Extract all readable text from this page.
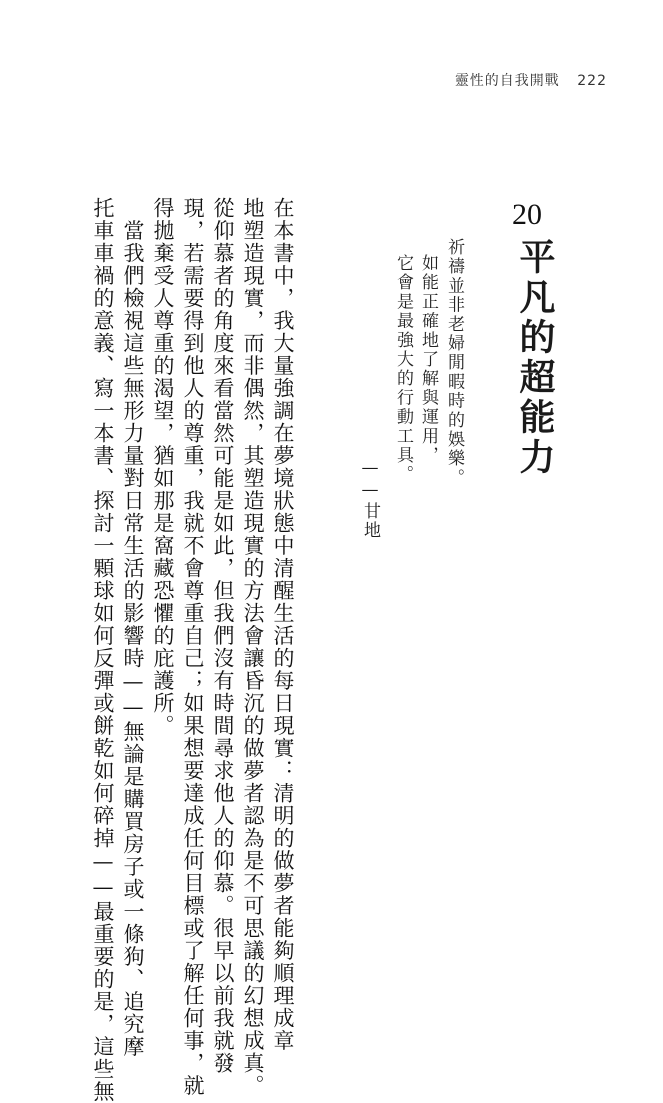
靈性的自我開戰 222
20
平凡的超能力
祈禱並非老婦閒暇時的娛樂。
如能正確地了解與運用，
它會是最強大的行動工具。
——甘地
在本書中，我大量強調在夢境狀態中清醒生活的每日現實：清明的做夢者能夠順理成章
地塑造現實，而非偶然，其塑造現實的方法會讓昏沉的做夢者認為是不可思議的幻想成真。
從仰慕者的角度來看當然可能是如此，但我們沒有時間尋求他人的仰慕。很早以前我就發
現，若需要得到他人的尊重，我就不會尊重自己；如果想要達成任何目標或了解任何事，就
得拋棄受人尊重的渴望，猶如那是窩藏恐懼的庇護所。
　當我們檢視這些無形力量對日常生活的影響時——無論是購買房子或一條狗、追究摩
托車車禍的意義、寫一本書、探討一顆球如何反彈或餅乾如何碎掉——最重要的是，這些無
